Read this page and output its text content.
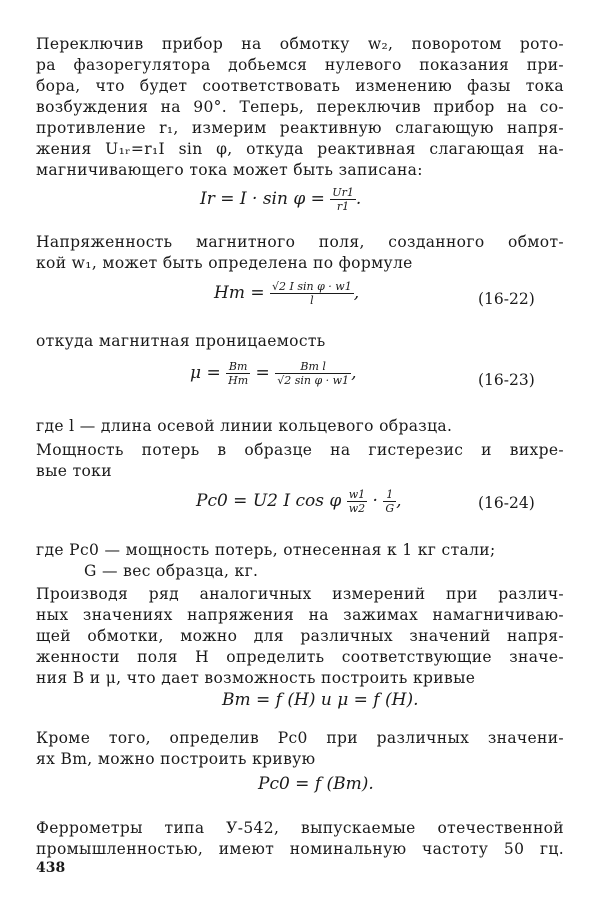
Переключив прибор на обмотку w₂, поворотом рото-
ра фазорегулятора добьемся нулевого показания при-
бора, что будет соответствовать изменению фазы тока
возбуждения на 90°. Теперь, переключив прибор на со-
противление r₁, измерим реактивную слагающую напря-
жения U₁ᵣ=r₁I sin φ, откуда реактивная слагающая на-
магничивающего тока может быть записана:
$Ir = I \cdot \sin \varphi = \frac{Ur1}{r1}$ .
Напряженность магнитного поля, созданного обмот-
кой w₁, может быть определена по формуле
$Hm = \frac{\text{√2 I sin φ · w1}}{l}$ ,	(16-22)
откуда магнитная проницаемость
$\mu = \frac{Bm}{Hm} = \frac{\text{Bm l}}{\text{√2 sin φ · w1}}$ ,	(16-23)
где l — длина осевой линии кольцевого образца.
Мощность потерь в образце на гистерезис и вихре-
вые токи
Pс0 = U2 I cos φ $\frac{w1}{w2} \cdot \frac{1}{G}$ ,	(16-24)
где Pс0 — мощность потерь, отнесенная к 1 кг стали;
G — вес образца, кг.
Производя ряд аналогичных измерений при различ-
ных значениях напряжения на зажимах намагничиваю-
щей обмотки, можно для различных значений напря-
женности поля H определить соответствующие значе-
ния B и μ, что дает возможность построить кривые
Bm = f (H) и μ = f (H).
Кроме того, определив Pс0 при различных значени-
ях Bm, можно построить кривую
Pс0 = f (Bm).
Феррометры типа У-542, выпускаемые отечественной
промышленностью, имеют номинальную частоту 50 гц.
438
